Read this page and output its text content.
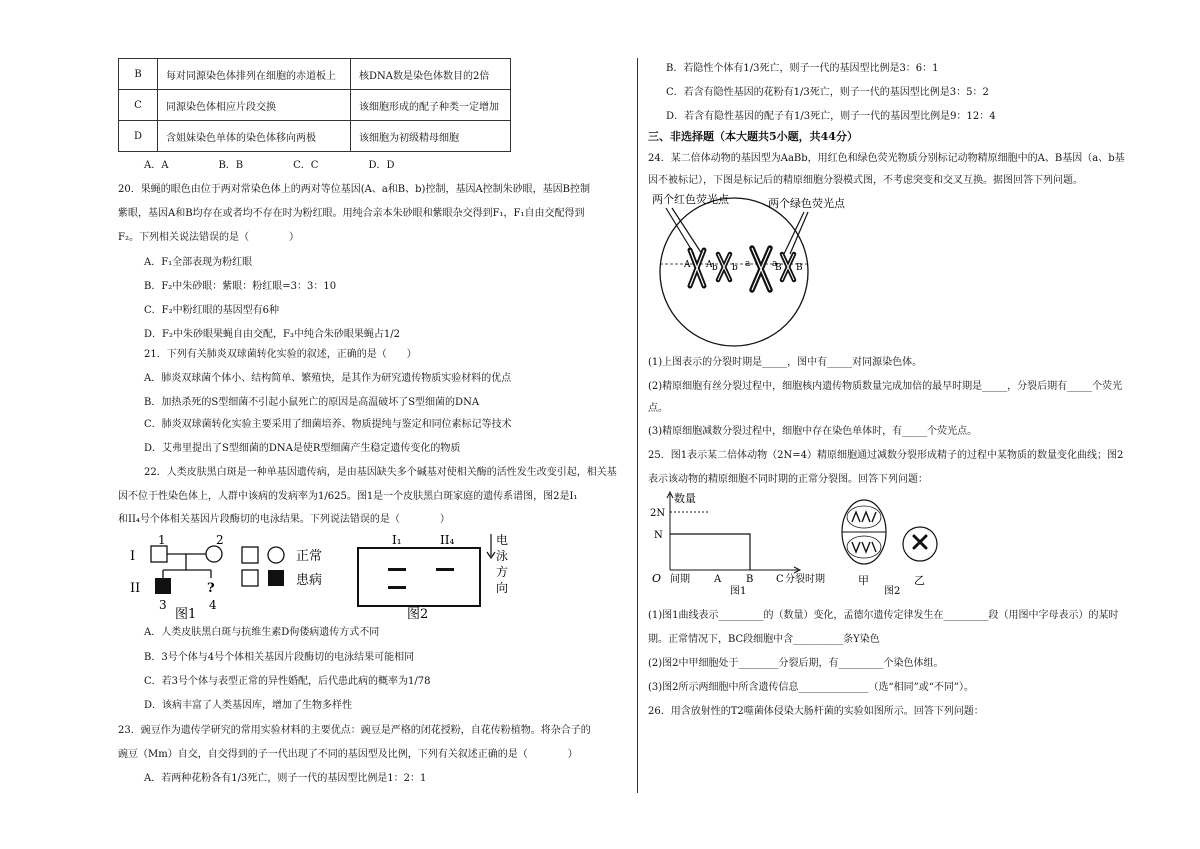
B	每对同源染色体排列在细胞的赤道板上	核DNA数是染色体数目的2倍
C	同源染色体相应片段交换	该细胞形成的配子种类一定增加
D	含姐妹染色单体的染色体移向两极	该细胞为初级精母细胞
A．A　　　　　B．B　　　　　C．C　　　　　D．D
20．果蝇的眼色由位于两对常染色体上的两对等位基因(A、a和B、b)控制，基因A控制朱砂眼，基因B控制
紫眼，基因A和B均存在或者均不存在时为粉红眼。用纯合亲本朱砂眼和紫眼杂交得到F₁，F₁自由交配得到
F₂。下列相关说法错误的是（　　　　）
A．F₁全部表现为粉红眼
B．F₂中朱砂眼：紫眼：粉红眼=3：3：10
C．F₂中粉红眼的基因型有6种
D．F₂中朱砂眼果蝇自由交配，F₃中纯合朱砂眼果蝇占1/2
21．下列有关肺炎双球菌转化实验的叙述，正确的是（　　）
A．肺炎双球菌个体小、结构简单、繁殖快，是其作为研究遗传物质实验材料的优点
B．加热杀死的S型细菌不引起小鼠死亡的原因是高温破坏了S型细菌的DNA
C．肺炎双球菌转化实验主要采用了细菌培养、物质提纯与鉴定和同位素标记等技术
D．艾弗里提出了S型细菌的DNA是使R型细菌产生稳定遗传变化的物质
22．人类皮肤黑白斑是一种单基因遗传病，是由基因缺失多个碱基对使相关酶的活性发生改变引起，相关基
因不位于性染色体上，人群中该病的发病率为1/625。图1是一个皮肤黑白斑家庭的遗传系谱图，图2是I₁
和II₄号个体相关基因片段酶切的电泳结果。下列说法错误的是（　　　　）
I
II
1	2
?
3	4
图1
正常
患病
I₁	II₄
图2
电
泳
方
向
A．人类皮肤黑白斑与抗维生素D佝偻病遗传方式不同
B．3号个体与4号个体相关基因片段酶切的电泳结果可能相同
C．若3号个体与表型正常的异性婚配，后代患此病的概率为1/78
D．该病丰富了人类基因库，增加了生物多样性
23．豌豆作为遗传学研究的常用实验材料的主要优点：豌豆是严格的闭花授粉，自花传粉植物。将杂合子的
豌豆（Mm）自交，自交得到的子一代出现了不同的基因型及比例，下列有关叙述正确的是（　　　　）
A．若两种花粉各有1/3死亡，则子一代的基因型比例是1：2：1
B．若隐性个体有1/3死亡，则子一代的基因型比例是3：6：1
C．若含有隐性基因的花粉有1/3死亡，则子一代的基因型比例是3：5：2
D．若含有隐性基因的配子有1/3死亡，则子一代的基因型比例是9：12：4
三、非选择题（本大题共5小题，共44分）
24．某二倍体动物的基因型为AaBb，用红色和绿色荧光物质分别标记动物精原细胞中的A、B基因（a、b基
因不被标记），下图是标记后的精原细胞分裂模式图，不考虑突变和交叉互换。据图回答下列问题。
两个红色荧光点	两个绿色荧光点
A A b b a a
B B
(1)上图表示的分裂时期是_____，图中有_____对同源染色体。
(2)精原细胞有丝分裂过程中，细胞核内遗传物质数量完成加倍的最早时期是_____，分裂后期有_____个荧光
点。
(3)精原细胞减数分裂过程中，细胞中存在染色单体时，有_____个荧光点。
25．图1表示某二倍体动物（2N=4）精原细胞通过减数分裂形成精子的过程中某物质的数量变化曲线；图2
表示该动物的精原细胞不同时期的正常分裂图。回答下列问题：
数量
2N
N
O 间期 A B C 分裂时期
图1
甲	乙
图2
(1)图1曲线表示_________的（数量）变化，孟德尔遗传定律发生在_________段（用图中字母表示）的某时
期。正常情况下，BC段细胞中含__________条Y染色
(2)图2中甲细胞处于________分裂后期，有_________个染色体组。
(3)图2所示两细胞中所含遗传信息______________（选“相同”或“不同”）。
26．用含放射性的T2噬菌体侵染大肠杆菌的实验如图所示。回答下列问题：
